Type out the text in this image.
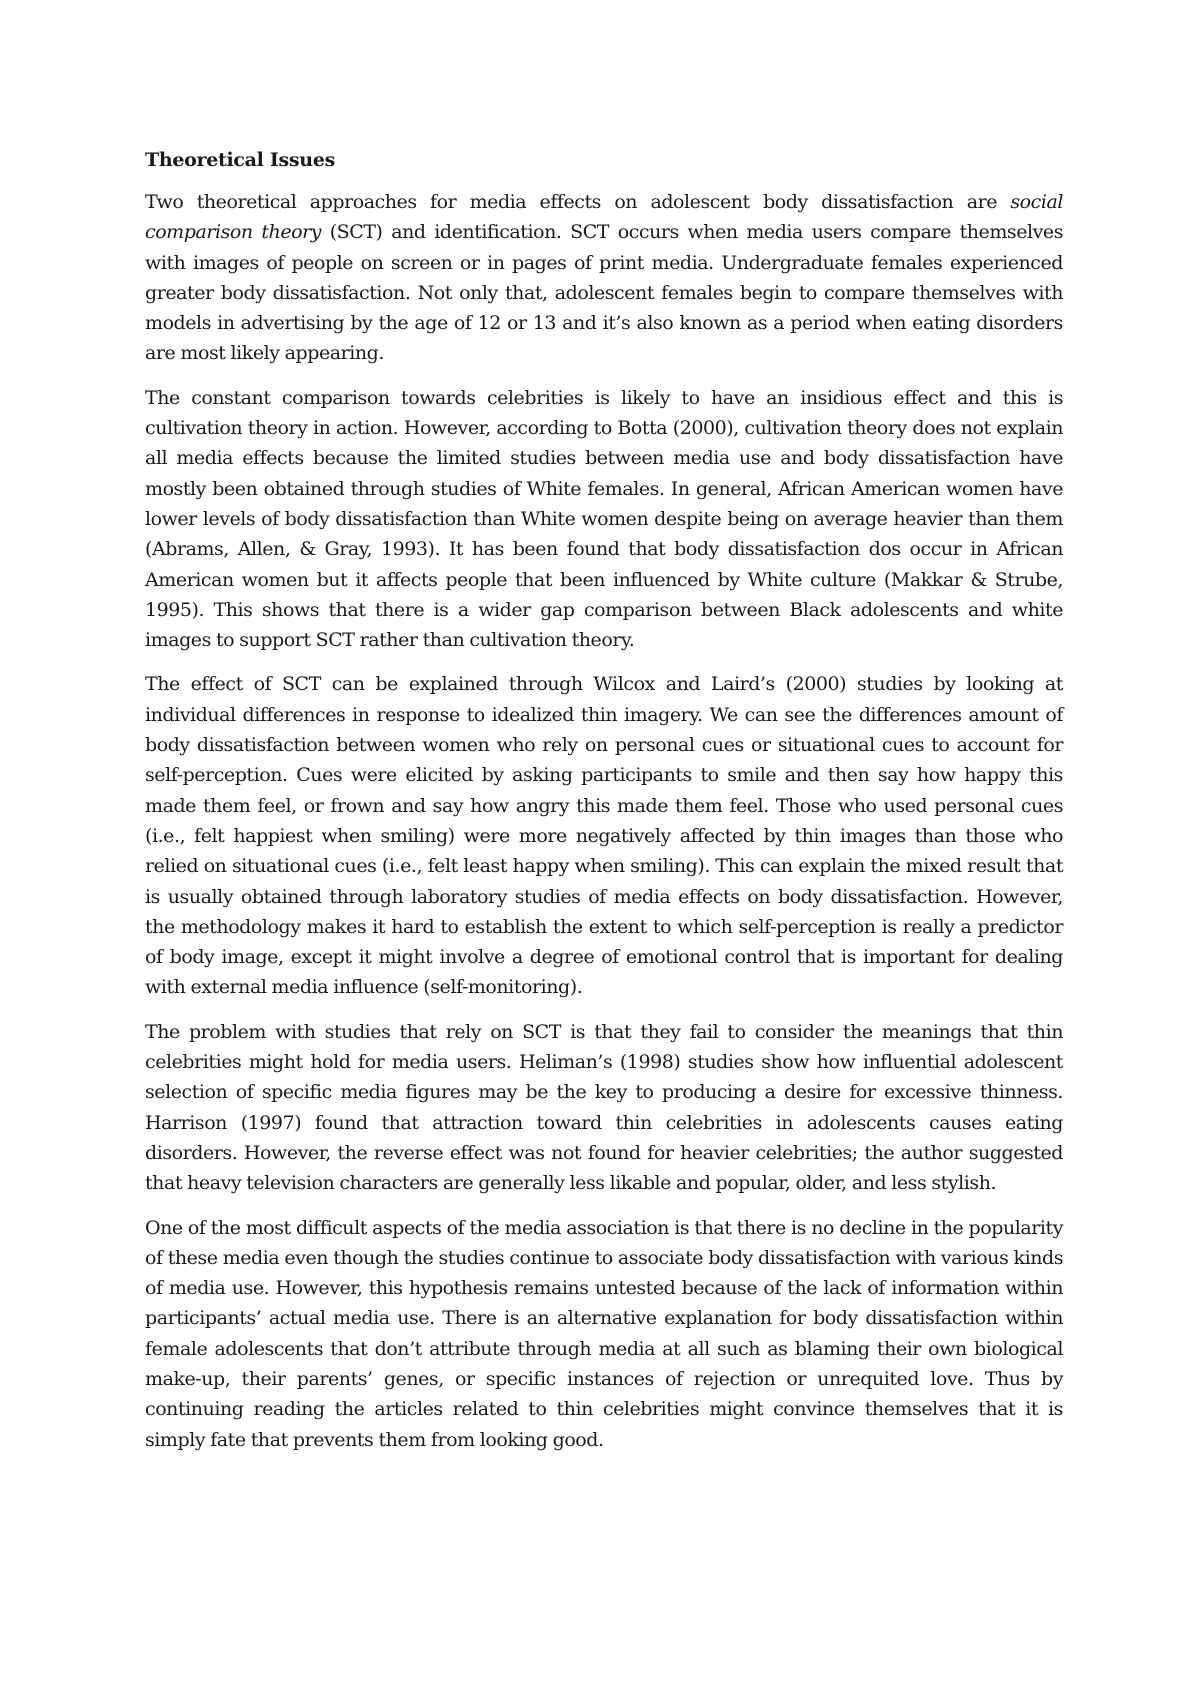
Theoretical Issues

Two theoretical approaches for media effects on adolescent body dissatisfaction are social comparison theory (SCT) and identification. SCT occurs when media users compare themselves with images of people on screen or in pages of print media. Undergraduate females experienced greater body dissatisfaction. Not only that, adolescent females begin to compare themselves with models in advertising by the age of 12 or 13 and it’s also known as a period when eating disorders are most likely appearing.

The constant comparison towards celebrities is likely to have an insidious effect and this is cultivation theory in action. However, according to Botta (2000), cultivation theory does not explain all media effects because the limited studies between media use and body dissatisfaction have mostly been obtained through studies of White females. In general, African American women have lower levels of body dissatisfaction than White women despite being on average heavier than them (Abrams, Allen, & Gray, 1993). It has been found that body dissatisfaction dos occur in African American women but it affects people that been influenced by White culture (Makkar & Strube, 1995). This shows that there is a wider gap comparison between Black adolescents and white images to support SCT rather than cultivation theory.

The effect of SCT can be explained through Wilcox and Laird’s (2000) studies by looking at individual differences in response to idealized thin imagery. We can see the differences amount of body dissatisfaction between women who rely on personal cues or situational cues to account for self-perception. Cues were elicited by asking participants to smile and then say how happy this made them feel, or frown and say how angry this made them feel. Those who used personal cues (i.e., felt happiest when smiling) were more negatively affected by thin images than those who relied on situational cues (i.e., felt least happy when smiling). This can explain the mixed result that is usually obtained through laboratory studies of media effects on body dissatisfaction. However, the methodology makes it hard to establish the extent to which self-perception is really a predictor of body image, except it might involve a degree of emotional control that is important for dealing with external media influence (self-monitoring).

The problem with studies that rely on SCT is that they fail to consider the meanings that thin celebrities might hold for media users. Heliman’s (1998) studies show how influential adolescent selection of specific media figures may be the key to producing a desire for excessive thinness. Harrison (1997) found that attraction toward thin celebrities in adolescents causes eating disorders. However, the reverse effect was not found for heavier celebrities; the author suggested that heavy television characters are generally less likable and popular, older, and less stylish.

One of the most difficult aspects of the media association is that there is no decline in the popularity of these media even though the studies continue to associate body dissatisfaction with various kinds of media use. However, this hypothesis remains untested because of the lack of information within participants’ actual media use. There is an alternative explanation for body dissatisfaction within female adolescents that don’t attribute through media at all such as blaming their own biological make-up, their parents’ genes, or specific instances of rejection or unrequited love. Thus by continuing reading the articles related to thin celebrities might convince themselves that it is simply fate that prevents them from looking good.
